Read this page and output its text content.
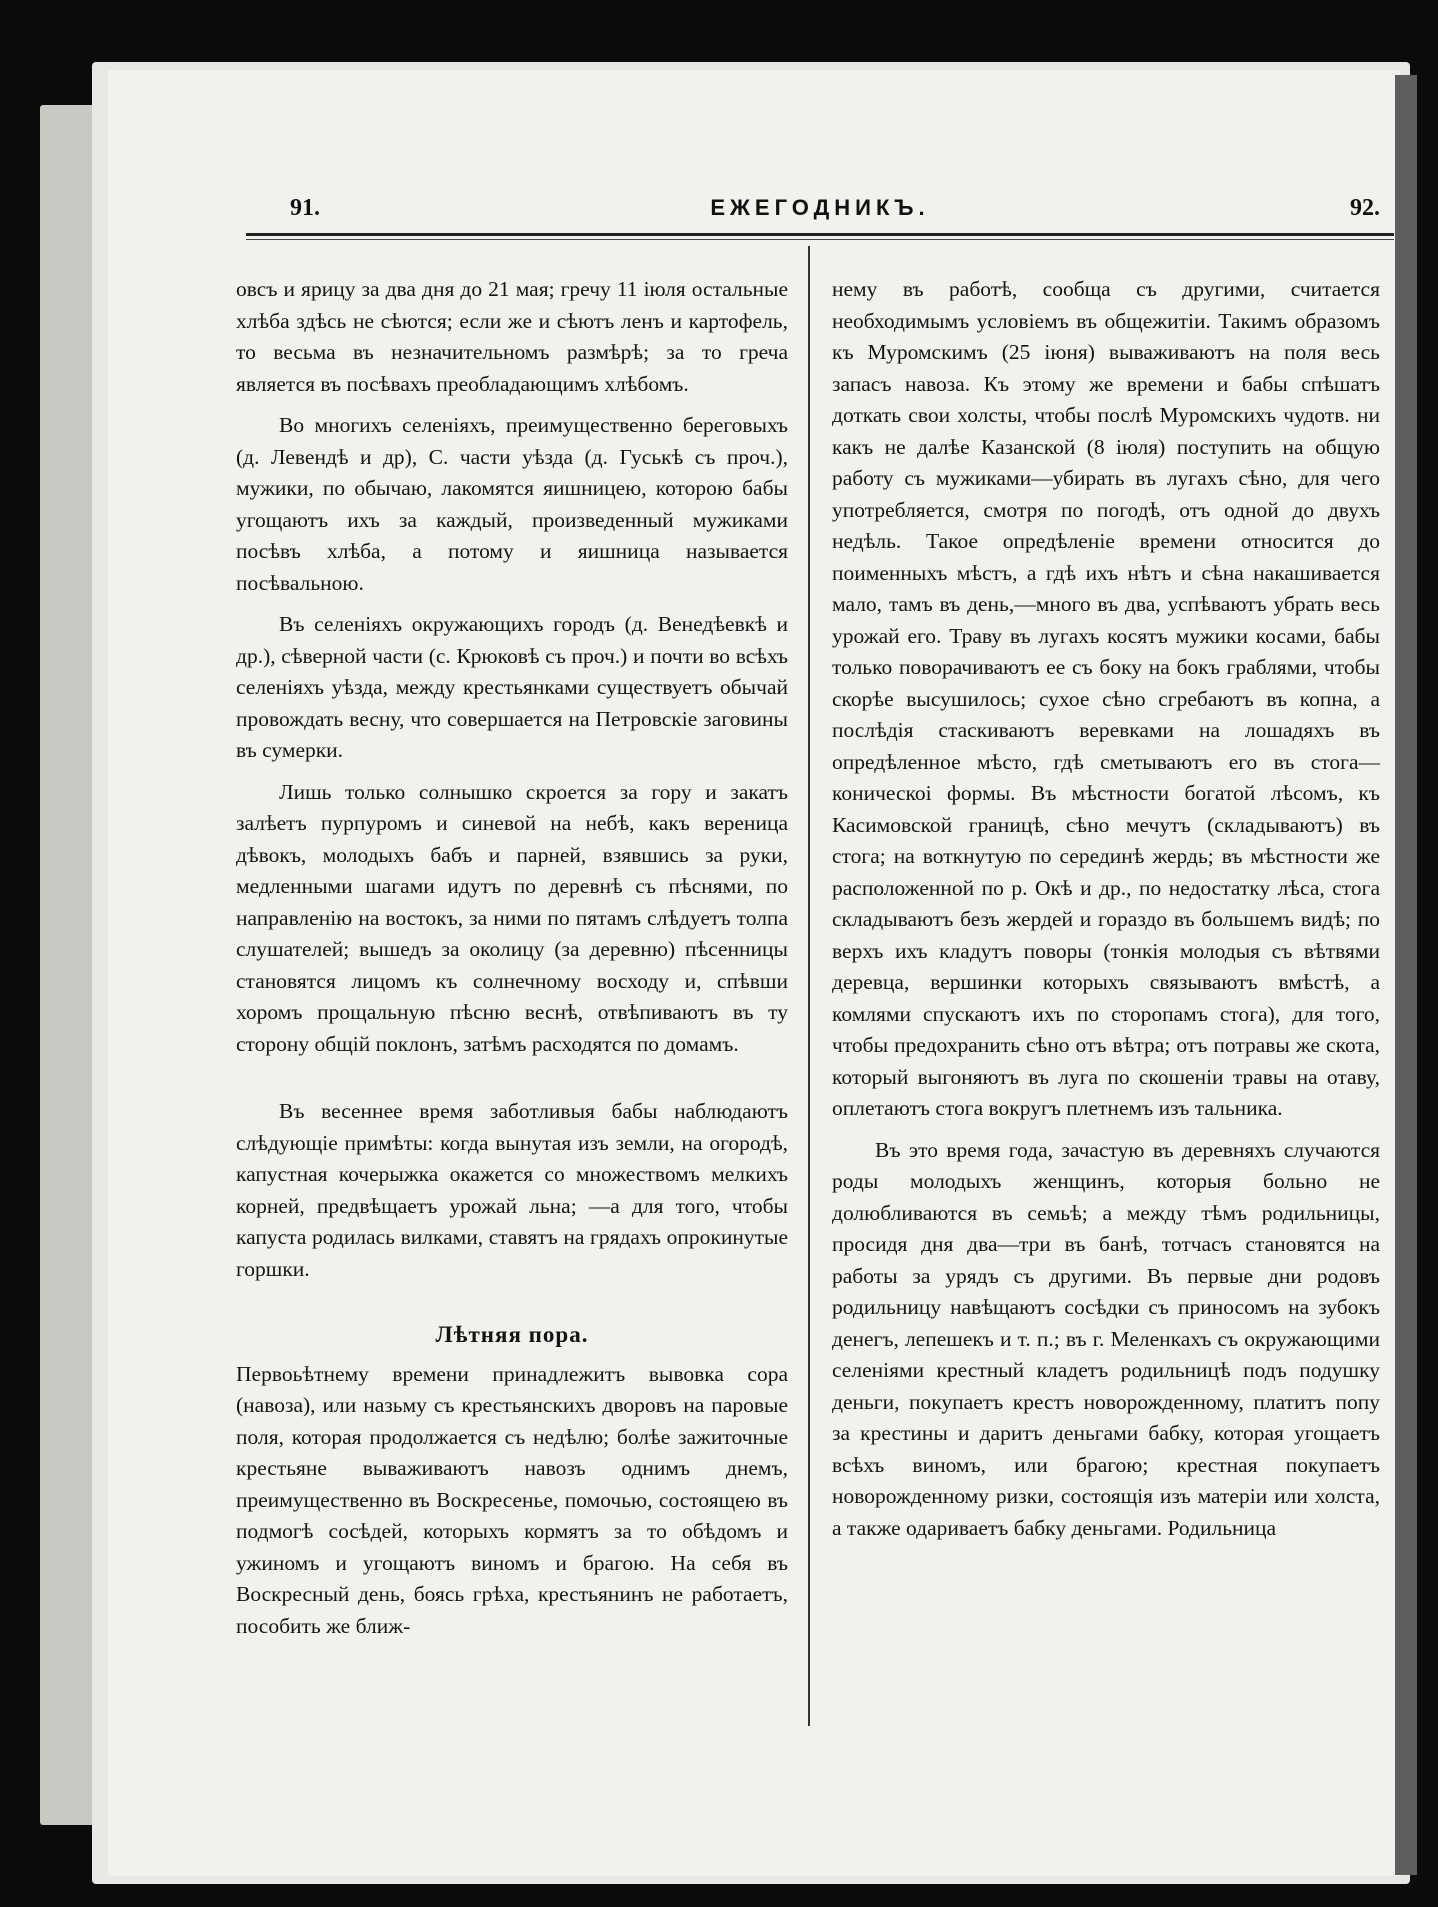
91.	ЕЖЕГОДНИКЪ.	92.

овсъ и ярицу за два дня до 21 мая; гречу 11 іюля остальные хлѣба здѣсь не сѣются; если же и сѣютъ ленъ и картофель, то весьма въ незначительномъ размѣрѣ; за то греча является въ посѣвахъ преобладающимъ хлѣбомъ.

Во многихъ селеніяхъ, преимущественно береговыхъ (д. Левендѣ и др), С. части уѣзда (д. Гуськѣ съ проч.), мужики, по обычаю, лакомятся яишницею, которою бабы угощаютъ ихъ за каждый, произведенный мужиками посѣвъ хлѣба, а потому и яишница называется посѣвальною.

Въ селеніяхъ окружающихъ городъ (д. Венедѣевкѣ и др.), сѣверной части (с. Крюковѣ съ проч.) и почти во всѣхъ селеніяхъ уѣзда, между крестьянками существуетъ обычай провождать весну, что совершается на Петровскіе заговины въ сумерки.

Лишь только солнышко скроется за гору и закатъ залѣетъ пурпуромъ и синевой на небѣ, какъ вереница дѣвокъ, молодыхъ бабъ и парней, взявшись за руки, медленными шагами идутъ по деревнѣ съ пѣснями, по направленію на востокъ, за ними по пятамъ слѣдуетъ толпа слушателей; вышедъ за околицу (за деревню) пѣсенницы становятся лицомъ къ солнечному восходу и, спѣвши хоромъ прощальную пѣсню веснѣ, отвѣпиваютъ въ ту сторону общій поклонъ, затѣмъ расходятся по домамъ.

Въ весеннее время заботливыя бабы наблюдаютъ слѣдующіе примѣты: когда вынутая изъ земли, на огородѣ, капустная кочерыжка окажется со множествомъ мелкихъ корней, предвѣщаетъ урожай льна; —а для того, чтобы капуста родилась вилками, ставятъ на грядахъ опрокинутые горшки.

Лѣтняя пора.

Первоьѣтнему времени принадлежитъ вывовка сора (навоза), или назьму съ крестьянскихъ дворовъ на паровые поля, которая продолжается съ недѣлю; болѣе зажиточные крестьяне вываживаютъ навозъ однимъ днемъ, преимущественно въ Воскресенье, помочью, состоящею въ подмогѣ сосѣдей, которыхъ кормятъ за то обѣдомъ и ужиномъ и угощаютъ виномъ и брагою. На себя въ Воскресный день, боясь грѣха, крестьянинъ не работаетъ, пособить же ближ-

нему въ работѣ, сообща съ другими, считается необходимымъ условіемъ въ общежитіи. Такимъ образомъ къ Муромскимъ (25 іюня) вываживаютъ на поля весь запасъ навоза. Къ этому же времени и бабы спѣшатъ доткать свои холсты, чтобы послѣ Муромскихъ чудотв. ни какъ не далѣе Казанской (8 іюля) поступить на общую работу съ мужиками—убирать въ лугахъ сѣно, для чего употребляется, смотря по погодѣ, отъ одной до двухъ недѣль. Такое опредѣленіе времени относится до поименныхъ мѣстъ, а гдѣ ихъ нѣтъ и сѣна накашивается мало, тамъ въ день,—много въ два, успѣваютъ убрать весь урожай его. Траву въ лугахъ косятъ мужики косами, бабы только поворачиваютъ ее съ боку на бокъ граблями, чтобы скорѣе высушилось; сухое сѣно сгребаютъ въ копна, а послѣдія стаскиваютъ веревками на лошадяхъ въ опредѣленное мѣсто, гдѣ сметываютъ его въ стога—коническоі формы. Въ мѣстности богатой лѣсомъ, къ Касимовской границѣ, сѣно мечутъ (складываютъ) въ стога; на воткнутую по серединѣ жердь; въ мѣстности же расположенной по р. Окѣ и др., по недостатку лѣса, стога складываютъ безъ жердей и гораздо въ большемъ видѣ; по верхъ ихъ кладутъ поворы (тонкія молодыя съ вѣтвями деревца, вершинки которыхъ связываютъ вмѣстѣ, а комлями спускаютъ ихъ по сторопамъ стога), для того, чтобы предохранить сѣно отъ вѣтра; отъ потравы же скота, который выгоняютъ въ луга по скошеніи травы на отаву, оплетаютъ стога вокругъ плетнемъ изъ тальника.

Въ это время года, зачастую въ деревняхъ случаются роды молодыхъ женщинъ, которыя больно не долюбливаются въ семьѣ; а между тѣмъ родильницы, просидя дня два—три въ банѣ, тотчасъ становятся на работы за урядъ съ другими. Въ первые дни родовъ родильницу навѣщаютъ сосѣдки съ приносомъ на зубокъ денегъ, лепешекъ и т. п.; въ г. Меленкахъ съ окружающими селеніями крестный кладетъ родильницѣ подъ подушку деньги, покупаетъ крестъ новорожденному, платитъ попу за крестины и даритъ деньгами бабку, которая угощаетъ всѣхъ виномъ, или брагою; крестная покупаетъ новорожденному ризки, состоящія изъ матеріи или холста, а также одариваетъ бабку деньгами. Родильница
